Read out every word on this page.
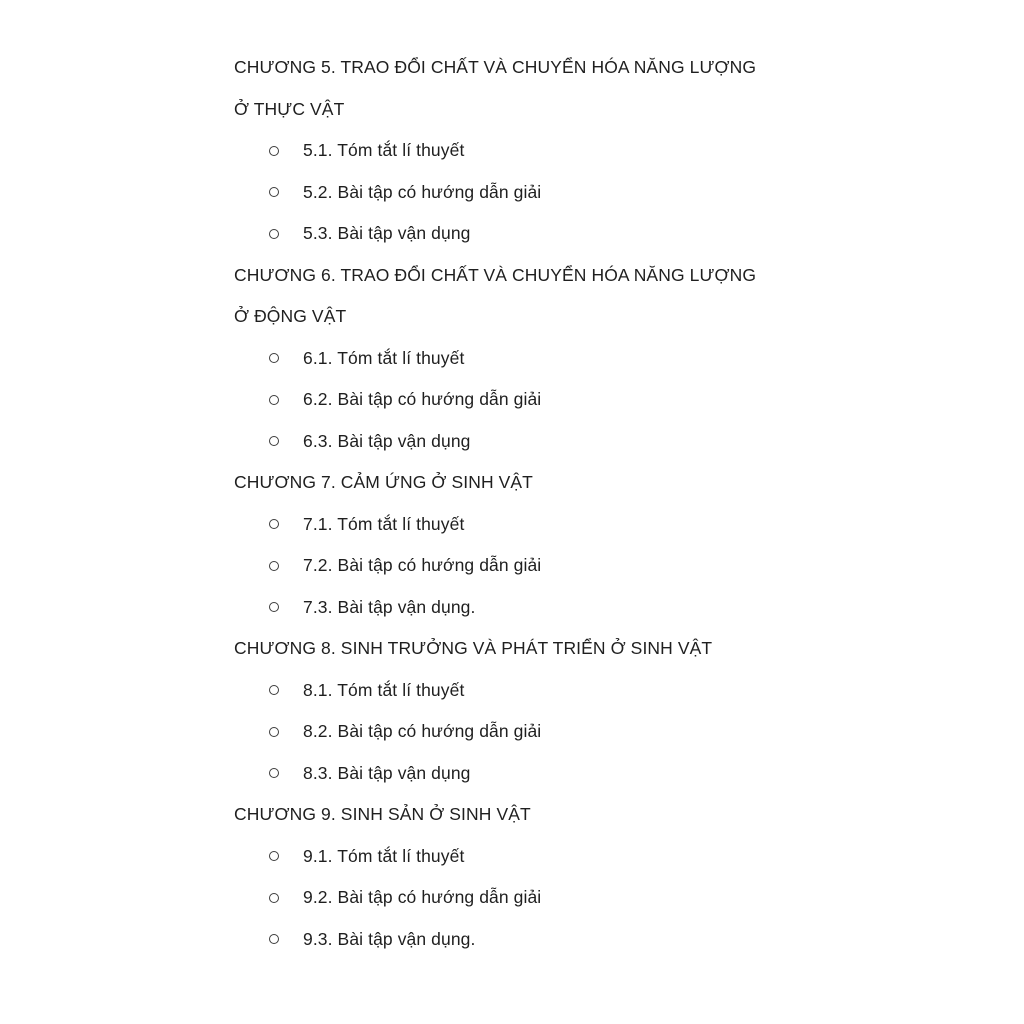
CHƯƠNG 5. TRAO ĐỔI CHẤT VÀ CHUYỂN HÓA NĂNG LƯỢNG
Ở THỰC VẬT
5.1. Tóm tắt lí thuyết
5.2. Bài tập có hướng dẫn giải
5.3. Bài tập vận dụng
CHƯƠNG 6. TRAO ĐỔI CHẤT VÀ CHUYỂN HÓA NĂNG LƯỢNG
Ở ĐỘNG VẬT
6.1. Tóm tắt lí thuyết
6.2. Bài tập có hướng dẫn giải
6.3. Bài tập vận dụng
CHƯƠNG 7. CẢM ỨNG Ở SINH VẬT
7.1. Tóm tắt lí thuyết
7.2. Bài tập có hướng dẫn giải
7.3. Bài tập vận dụng.
CHƯƠNG 8. SINH TRƯỞNG VÀ PHÁT TRIỂN Ở SINH VẬT
8.1. Tóm tắt lí thuyết
8.2. Bài tập có hướng dẫn giải
8.3. Bài tập vận dụng
CHƯƠNG 9. SINH SẢN Ở SINH VẬT
9.1. Tóm tắt lí thuyết
9.2. Bài tập có hướng dẫn giải
9.3. Bài tập vận dụng.
